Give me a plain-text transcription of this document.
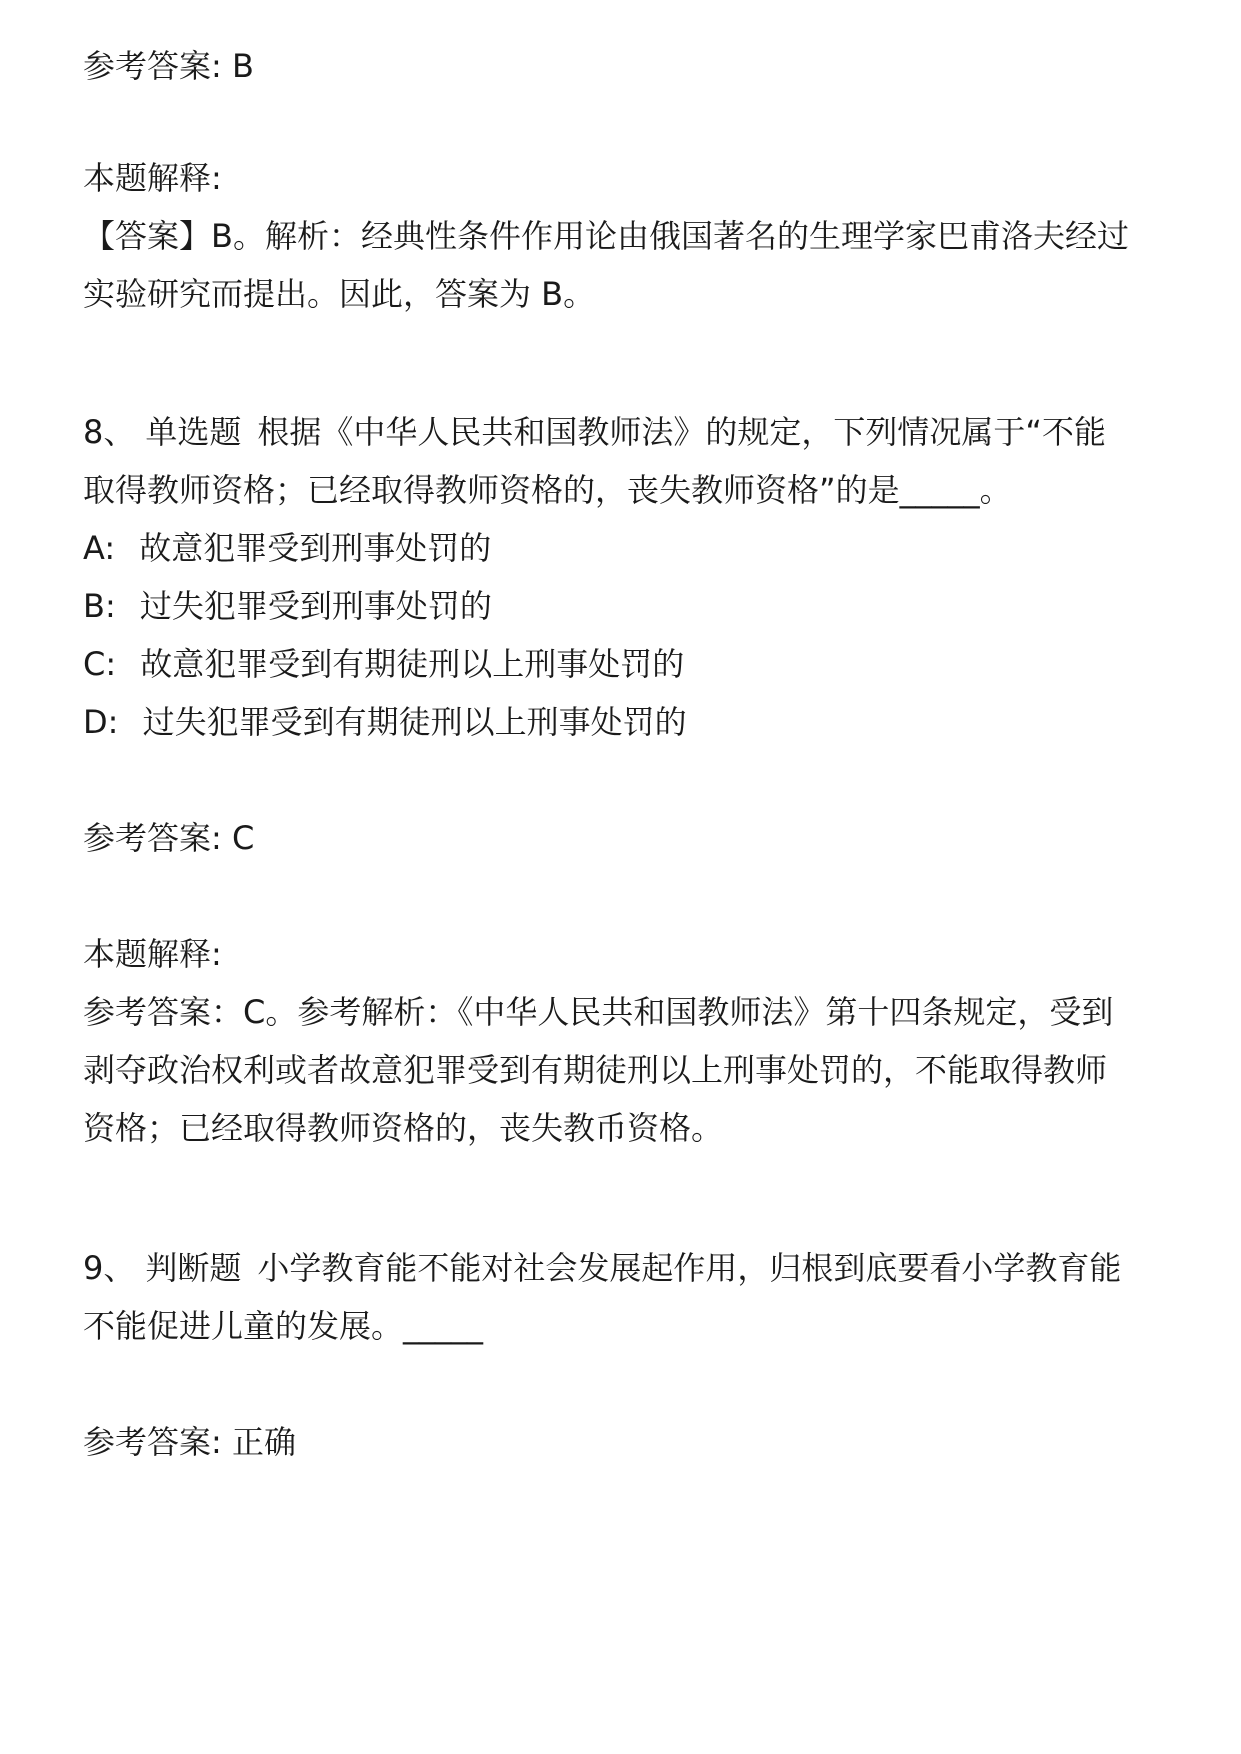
参考答案: B
本题解释:
【答案】B。解析：经典性条件作用论由俄国著名的生理学家巴甫洛夫经过
实验研究而提出。因此，答案为 B。
8、 单选题 根据《中华人民共和国教师法》的规定，下列情况属于“不能
取得教师资格；已经取得教师资格的，丧失教师资格”的是_____。
A: 故意犯罪受到刑事处罚的
B: 过失犯罪受到刑事处罚的
C: 故意犯罪受到有期徒刑以上刑事处罚的
D: 过失犯罪受到有期徒刑以上刑事处罚的
参考答案: C
本题解释:
参考答案：C。参考解析：《中华人民共和国教师法》第十四条规定，受到
剥夺政治权利或者故意犯罪受到有期徒刑以上刑事处罚的，不能取得教师
资格；已经取得教师资格的，丧失教币资格。
9、 判断题 小学教育能不能对社会发展起作用，归根到底要看小学教育能
不能促进儿童的发展。_____
参考答案: 正确
